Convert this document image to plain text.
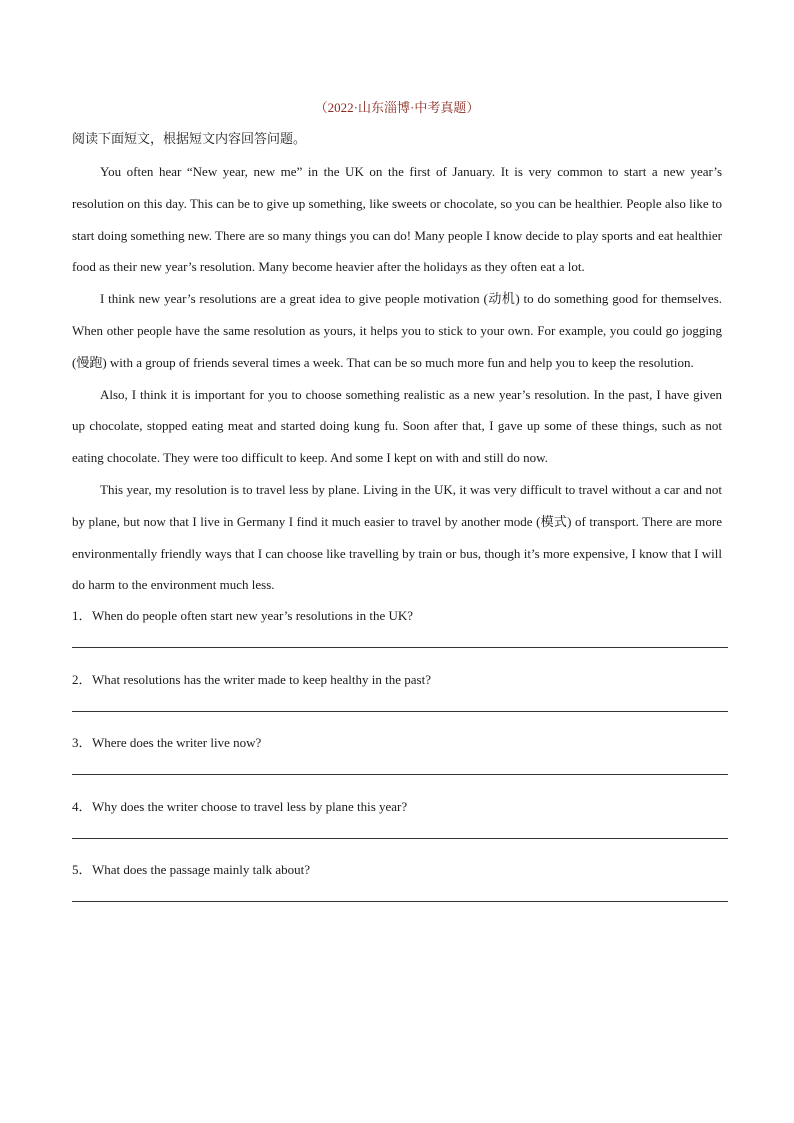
（2022·山东淄博·中考真题）
阅读下面短文，根据短文内容回答问题。

You often hear “New year, new me” in the UK on the first of January. It is very common to start a new year’s resolution on this day. This can be to give up something, like sweets or chocolate, so you can be healthier. People also like to start doing something new. There are so many things you can do! Many people I know decide to play sports and eat healthier food as their new year’s resolution. Many become heavier after the holidays as they often eat a lot.

I think new year’s resolutions are a great idea to give people motivation (动机) to do something good for themselves. When other people have the same resolution as yours, it helps you to stick to your own. For example, you could go jogging (慢跑) with a group of friends several times a week. That can be so much more fun and help you to keep the resolution.

Also, I think it is important for you to choose something realistic as a new year’s resolution. In the past, I have given up chocolate, stopped eating meat and started doing kung fu. Soon after that, I gave up some of these things, such as not eating chocolate. They were too difficult to keep. And some I kept on with and still do now.

This year, my resolution is to travel less by plane. Living in the UK, it was very difficult to travel without a car and not by plane, but now that I live in Germany I find it much easier to travel by another mode (模式) of transport. There are more environmentally friendly ways that I can choose like travelling by train or bus, though it’s more expensive, I know that I will do harm to the environment much less.

1．When do people often start new year’s resolutions in the UK?
2．What resolutions has the writer made to keep healthy in the past?
3．Where does the writer live now?
4．Why does the writer choose to travel less by plane this year?
5．What does the passage mainly talk about?
